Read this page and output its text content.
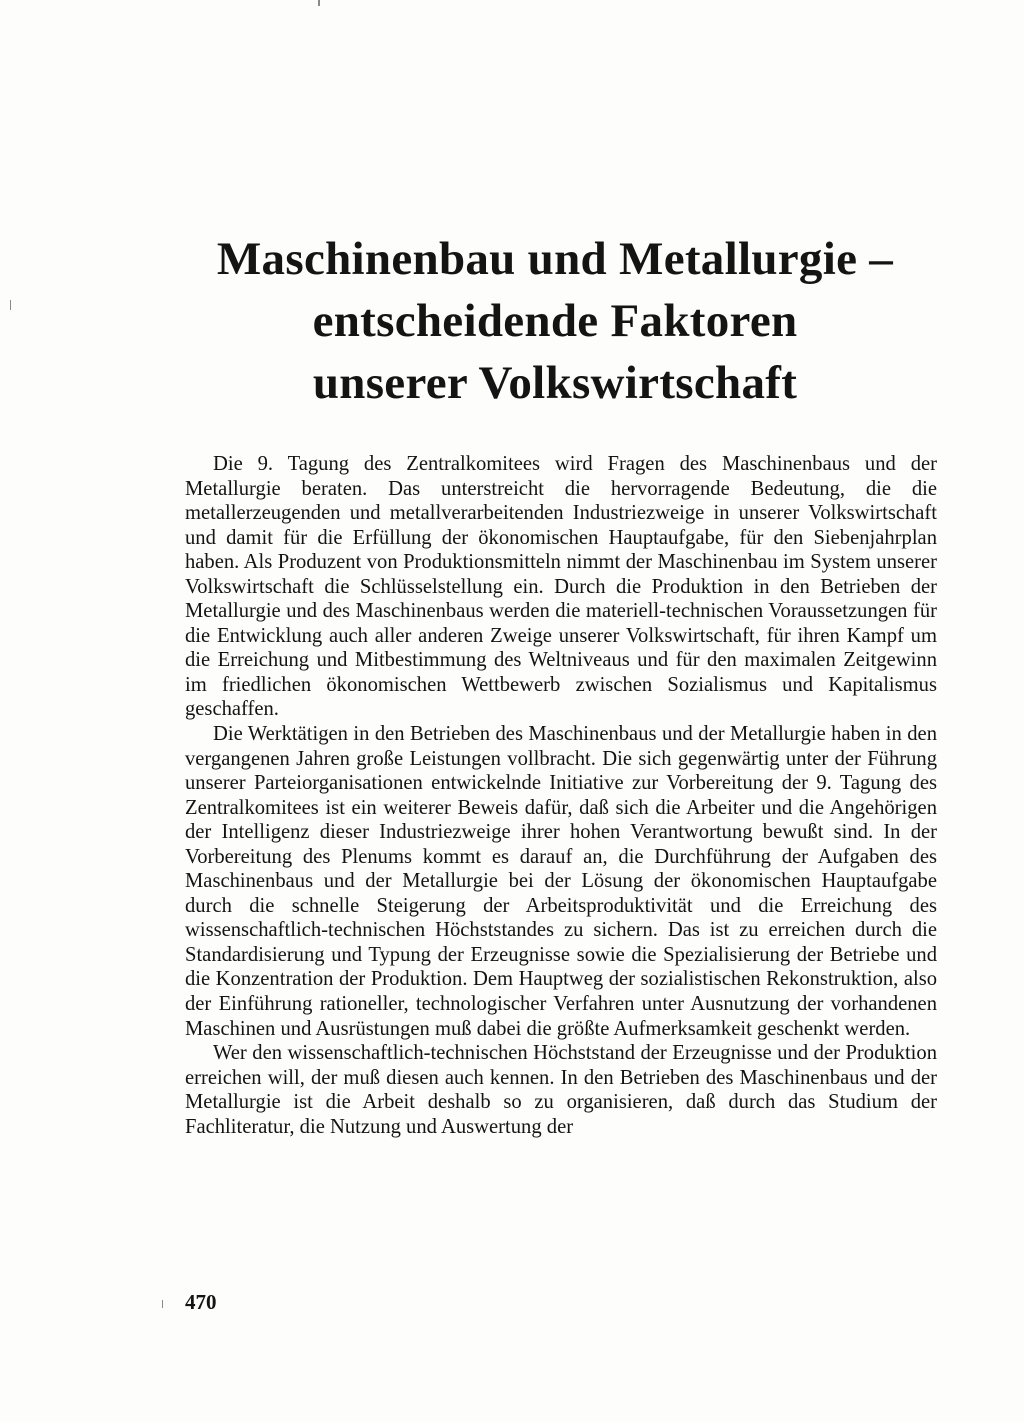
Maschinenbau und Metallurgie –
entscheidende Faktoren
unserer Volkswirtschaft

Die 9. Tagung des Zentralkomitees wird Fragen des Maschinenbaus und der Metallurgie beraten. Das unterstreicht die hervorragende Bedeutung, die die metallerzeugenden und metallverarbeitenden Industriezweige in unserer Volkswirtschaft und damit für die Erfüllung der ökonomischen Hauptaufgabe, für den Siebenjahrplan haben. Als Produzent von Produktionsmitteln nimmt der Maschinenbau im System unserer Volkswirtschaft die Schlüsselstellung ein. Durch die Produktion in den Betrieben der Metallurgie und des Maschinenbaus werden die materiell-technischen Voraussetzungen für die Entwicklung auch aller anderen Zweige unserer Volkswirtschaft, für ihren Kampf um die Erreichung und Mitbestimmung des Weltniveaus und für den maximalen Zeitgewinn im friedlichen ökonomischen Wettbewerb zwischen Sozialismus und Kapitalismus geschaffen.

Die Werktätigen in den Betrieben des Maschinenbaus und der Metallurgie haben in den vergangenen Jahren große Leistungen vollbracht. Die sich gegenwärtig unter der Führung unserer Parteiorganisationen entwickelnde Initiative zur Vorbereitung der 9. Tagung des Zentralkomitees ist ein weiterer Beweis dafür, daß sich die Arbeiter und die Angehörigen der Intelligenz dieser Industriezweige ihrer hohen Verantwortung bewußt sind. In der Vorbereitung des Plenums kommt es darauf an, die Durchführung der Aufgaben des Maschinenbaus und der Metallurgie bei der Lösung der ökonomischen Hauptaufgabe durch die schnelle Steigerung der Arbeitsproduktivität und die Erreichung des wissenschaftlich-technischen Höchststandes zu sichern. Das ist zu erreichen durch die Standardisierung und Typung der Erzeugnisse sowie die Spezialisierung der Betriebe und die Konzentration der Produktion. Dem Hauptweg der sozialistischen Rekonstruktion, also der Einführung rationeller, technologischer Verfahren unter Ausnutzung der vorhandenen Maschinen und Ausrüstungen muß dabei die größte Aufmerksamkeit geschenkt werden.

Wer den wissenschaftlich-technischen Höchststand der Erzeugnisse und der Produktion erreichen will, der muß diesen auch kennen. In den Betrieben des Maschinenbaus und der Metallurgie ist die Arbeit deshalb so zu organisieren, daß durch das Studium der Fachliteratur, die Nutzung und Auswertung der

470
